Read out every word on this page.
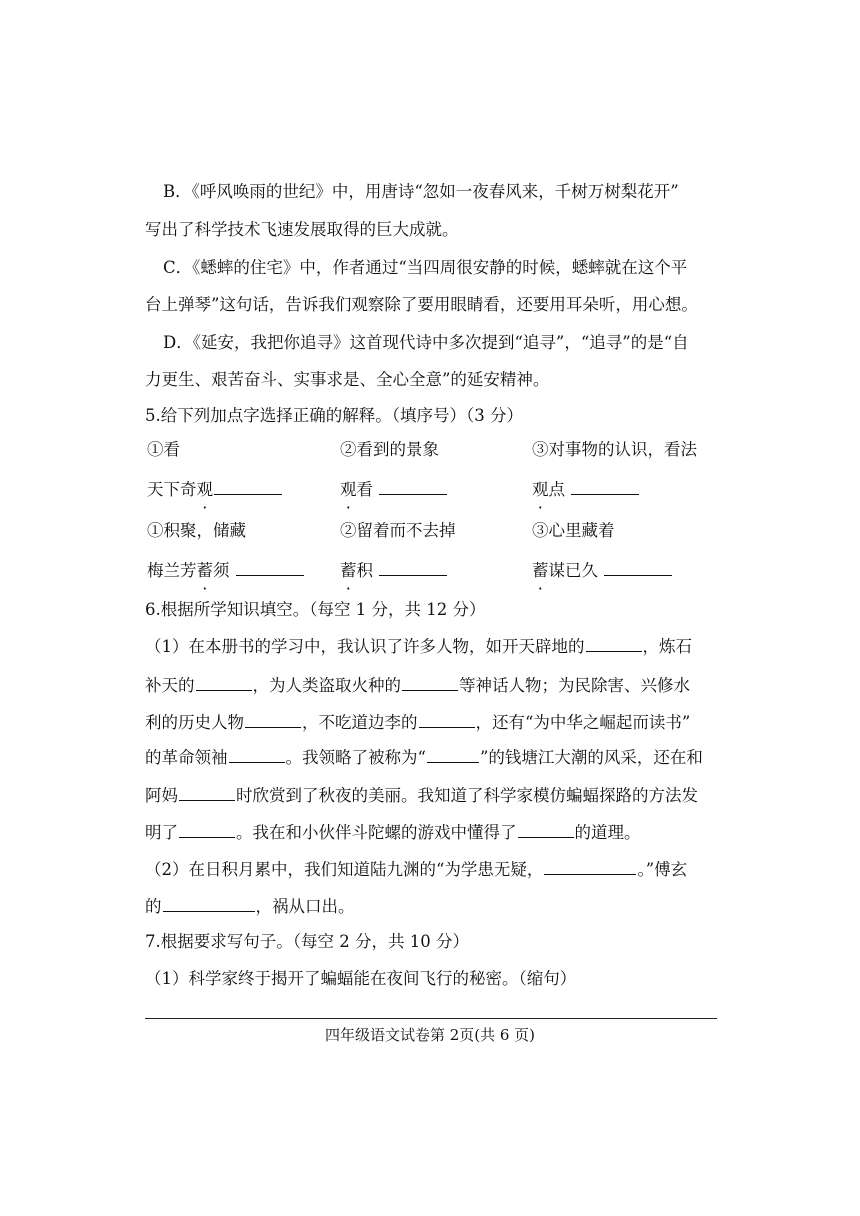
B．《呼风唤雨的世纪》中，用唐诗“忽如一夜春风来，千树万树梨花开”
写出了科学技术飞速发展取得的巨大成就。
C．《蟋蟀的住宅》中，作者通过“当四周很安静的时候，蟋蟀就在这个平
台上弹琴”这句话，告诉我们观察除了要用眼睛看，还要用耳朵听，用心想。
D．《延安，我把你追寻》这首现代诗中多次提到“追寻”，“追寻”的是“自
力更生、艰苦奋斗、实事求是、全心全意”的延安精神。
5.给下列加点字选择正确的解释。（填序号）（3 分）
①看	②看到的景象	③对事物的认识，看法
天下奇观	观看	观点
①积聚，储藏	②留着而不去掉	③心里藏着
梅兰芳蓄须	蓄积	蓄谋已久
6.根据所学知识填空。（每空 1 分，共 12 分）
（1）在本册书的学习中，我认识了许多人物，如开天辟地的	，炼石
补天的	，为人类盗取火种的	等神话人物；为民除害、兴修水
利的历史人物	，不吃道边李的	，还有“为中华之崛起而读书”
的革命领袖	。我领略了被称为“	”的钱塘江大潮的风采，还在和
阿妈	时欣赏到了秋夜的美丽。我知道了科学家模仿蝙蝠探路的方法发
明了	。我在和小伙伴斗陀螺的游戏中懂得了	的道理。
（2）在日积月累中，我们知道陆九渊的“为学患无疑，	。”傅玄
的	，祸从口出。
7.根据要求写句子。（每空 2 分，共 10 分）
（1）科学家终于揭开了蝙蝠能在夜间飞行的秘密。（缩句）
四年级语文试卷第 2页(共 6 页)
